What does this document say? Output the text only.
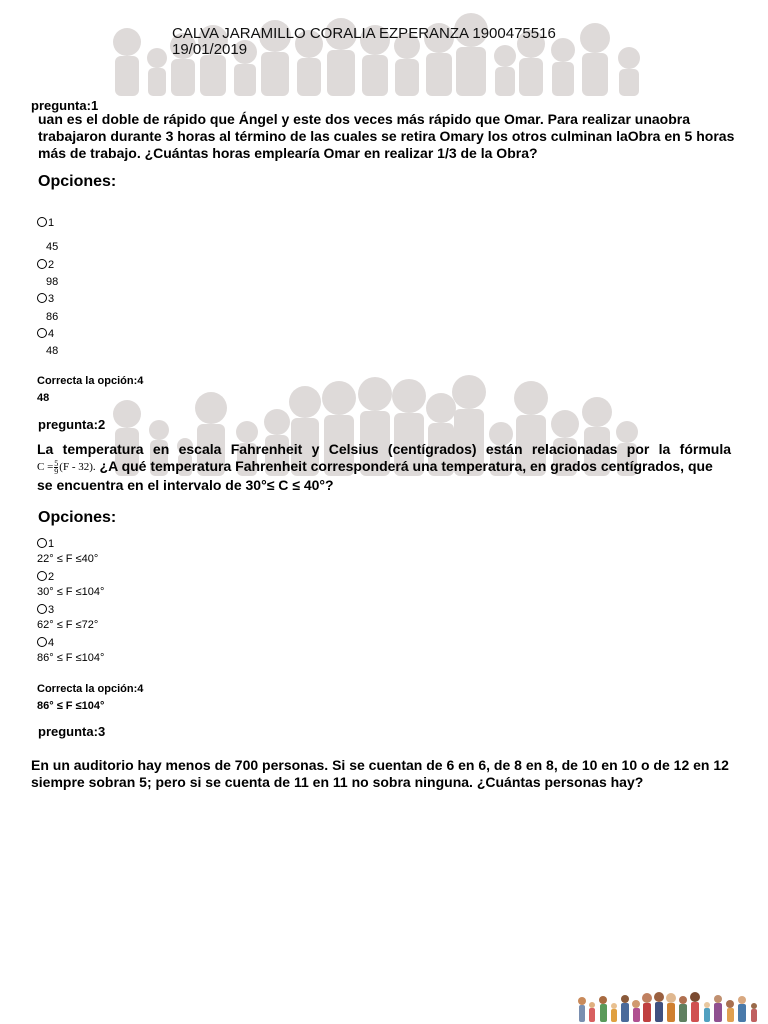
CALVA JARAMILLO CORALIA EZPERANZA 1900475516
19/01/2019
pregunta:1
uan es el doble de rápido que Ángel y este dos veces más rápido que Omar. Para realizar unaobra trabajaron durante 3 horas al término de las cuales se retira Omary los otros culminan laObra en 5 horas más de trabajo. ¿Cuántas horas emplearía Omar en realizar 1/3 de la Obra?
Opciones:
1
45
2
98
3
86
4
48
Correcta la opción:4
48
pregunta:2
La temperatura en escala Fahrenheit y Celsius (centígrados) están relacionadas por la fórmula
$C = \frac{5}{9} (F - 32)$. ¿A qué temperatura Fahrenheit corresponderá una temperatura, en grados centígrados, que
se encuentra en el intervalo de 30°≤ C ≤ 40°?
Opciones:
1
22° ≤ F ≤40°
2
30° ≤ F ≤104°
3
62° ≤ F ≤72°
4
86° ≤ F ≤104°
Correcta la opción:4
86° ≤ F ≤104°
pregunta:3
En un auditorio hay menos de 700 personas. Si se cuentan de 6 en 6, de 8 en 8, de 10 en 10 o de 12 en 12 siempre sobran 5; pero si se cuenta de 11 en 11 no sobra ninguna. ¿Cuántas personas hay?
